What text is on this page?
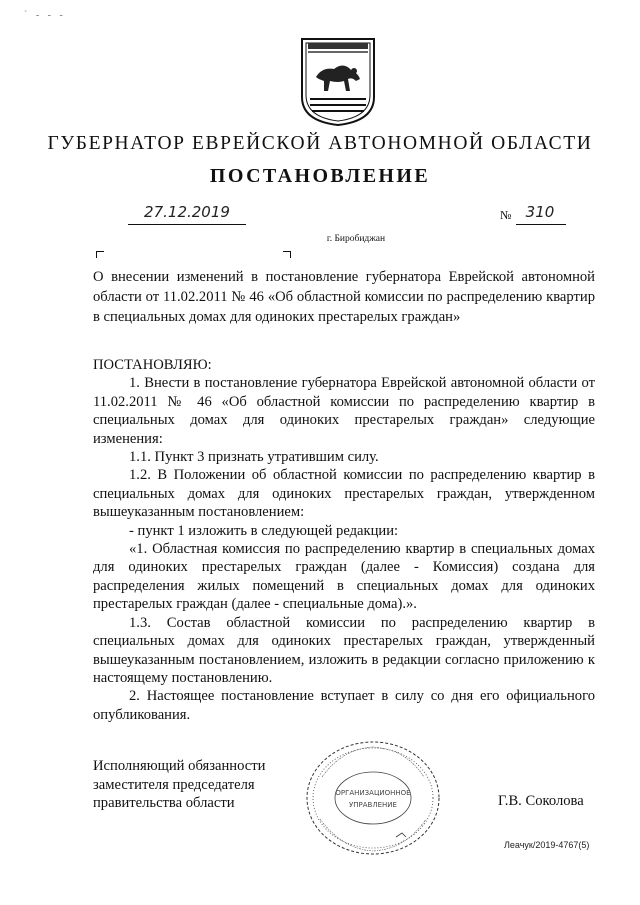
` ‐ ‐ ‐
ГУБЕРНАТОР ЕВРЕЙСКОЙ АВТОНОМНОЙ ОБЛАСТИ
ПОСТАНОВЛЕНИЕ
27.12.2019	№ 310
г. Биробиджан
О внесении изменений в постановление губернатора Еврейской автономной области от 11.02.2011 № 46 «Об областной комиссии по распределению квартир в специальных домах для одиноких престарелых граждан»

ПОСТАНОВЛЯЮ:

1. Внести в постановление губернатора Еврейской автономной области от 11.02.2011 № 46 «Об областной комиссии по распределению квартир в специальных домах для одиноких престарелых граждан» следующие изменения:

1.1. Пункт 3 признать утратившим силу.

1.2. В Положении об областной комиссии по распределению квартир в специальных домах для одиноких престарелых граждан, утвержденном вышеуказанным постановлением:

- пункт 1 изложить в следующей редакции:

«1. Областная комиссия по распределению квартир в специальных домах для одиноких престарелых граждан (далее - Комиссия) создана для распределения жилых помещений в специальных домах для одиноких престарелых граждан (далее - специальные дома).».

1.3. Состав областной комиссии по распределению квартир в специальных домах для одиноких престарелых граждан, утвержденный вышеуказанным постановлением, изложить в редакции согласно приложению к настоящему постановлению.

2. Настоящее постановление вступает в силу со дня его официального опубликования.

Исполняющий обязанности
заместителя председателя
правительства области
ОРГАНИЗАЦИОННОЕ
УПРАВЛЕНИЕ	Г.В. Соколова
Леачук/2019-4767(5)
